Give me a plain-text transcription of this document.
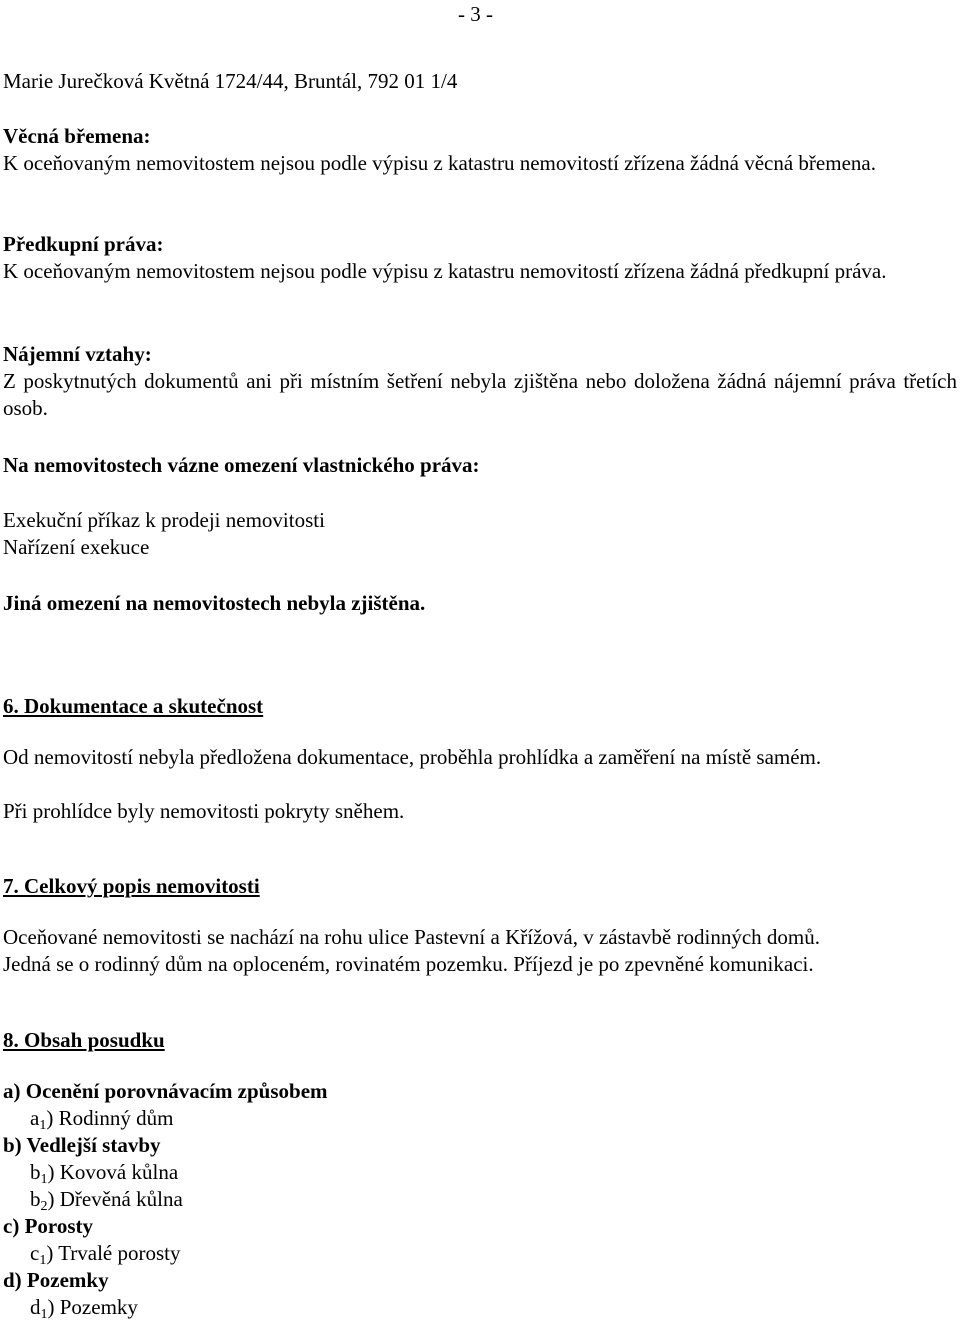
- 3 -
Marie Jurečková Květná 1724/44, Bruntál, 792 01 1/4
Věcná břemena:
K oceňovaným nemovitostem nejsou podle výpisu z katastru nemovitostí zřízena žádná věcná břemena.
Předkupní práva:
K oceňovaným nemovitostem nejsou podle výpisu z katastru nemovitostí zřízena žádná předkupní práva.
Nájemní vztahy:
Z poskytnutých dokumentů ani při místním šetření nebyla zjištěna nebo doložena žádná nájemní práva třetích osob.
Na nemovitostech vázne omezení vlastnického práva:
Exekuční příkaz k prodeji nemovitosti
Nařízení exekuce
Jiná omezení na nemovitostech nebyla zjištěna.
6. Dokumentace a skutečnost
Od nemovitostí nebyla předložena dokumentace, proběhla prohlídka a zaměření na místě samém.
Při prohlídce byly nemovitosti pokryty sněhem.
7. Celkový popis nemovitosti
Oceňované nemovitosti se nachází na rohu ulice Pastevní a Křížová, v zástavbě rodinných domů.
Jedná se o rodinný dům na oploceném, rovinatém pozemku. Příjezd je po zpevněné komunikaci.
8. Obsah posudku
a) Ocenění porovnávacím způsobem
$a_1$) Rodinný dům
b) Vedlejší stavby
$b_1$) Kovová kůlna
$b_2$) Dřevěná kůlna
c) Porosty
$c_1$) Trvalé porosty
d) Pozemky
$d_1$) Pozemky
